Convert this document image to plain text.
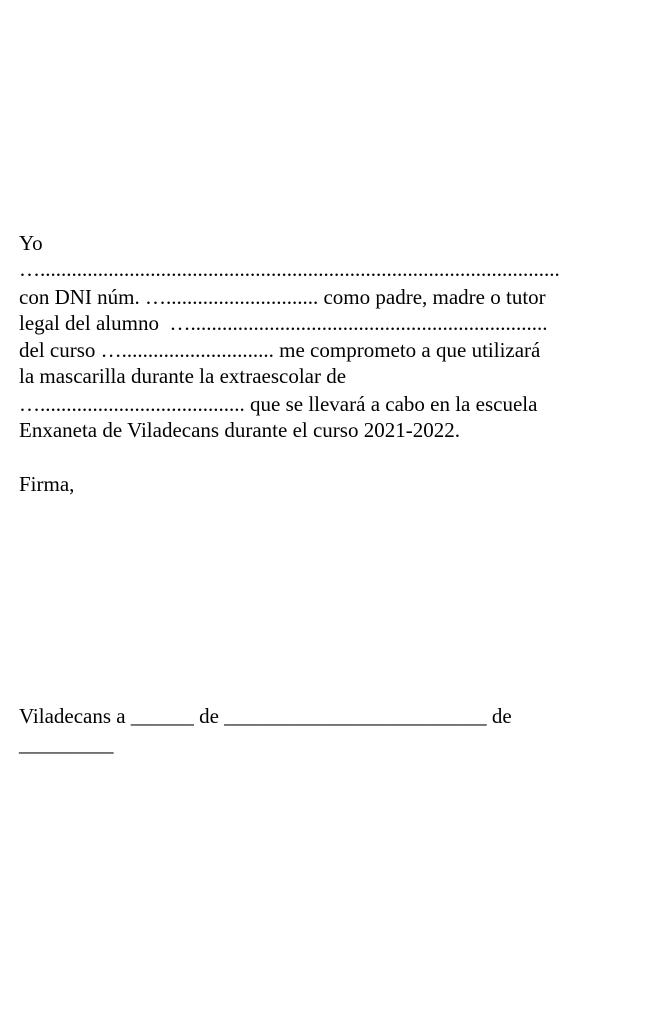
Yo
…...................................................................................................
con DNI núm. …............................. como padre, madre o tutor
legal del alumno  …....................................................................
del curso …............................. me comprometo a que utilizará
la mascarilla durante la extraescolar de
…....................................... que se llevará a cabo en la escuela
Enxaneta de Viladecans durante el curso 2021-2022.
Firma,
Viladecans a ______ de _________________________ de
_________
